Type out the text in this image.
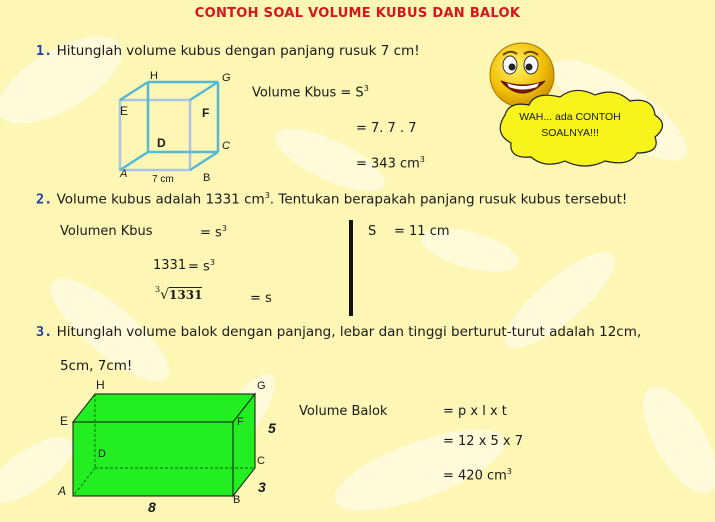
CONTOH SOAL VOLUME KUBUS DAN BALOK
1. Hitunglah volume kubus dengan panjang rusuk 7 cm!
H	G
E	F
D	C
A	B
7 cm
Volume Kbus = $S^3$
= 7. 7 . 7
= 343 $cm^3$
WAH... ada CONTOH
SOALNYA!!!
2. Volume kubus adalah 1331 $cm^3$. Tentukan berapakah panjang rusuk kubus tersebut!
Volumen Kbus	= $s^3$
$1331 = s^3$
$^3$√1331	= s
S = 11 cm
3. Hitunglah volume balok dengan panjang, lebar dan tinggi berturut-turut adalah 12cm,
5cm, 7cm!
H	G
E	F
D
C
A
B
5
3
8
Volume Balok	= p x l x t
= 12 x 5 x 7
= 420 $cm^3$
